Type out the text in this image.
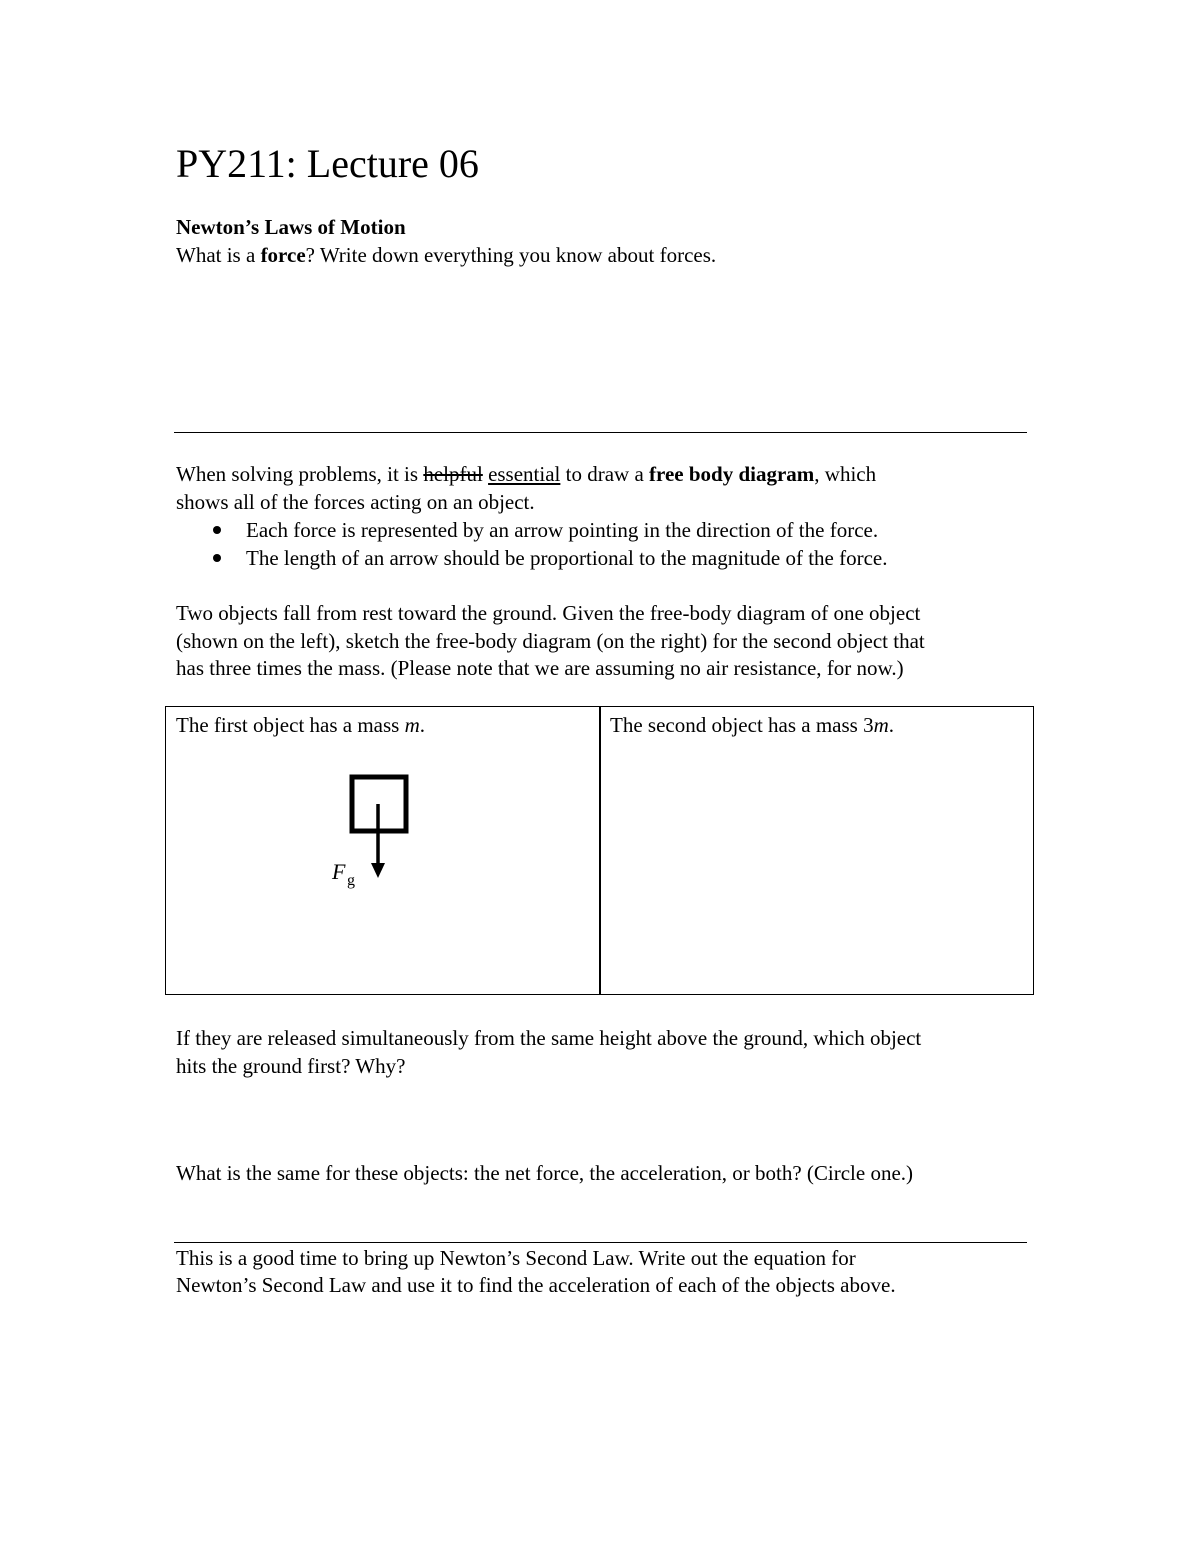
PY211: Lecture 06
Newton’s Laws of Motion
What is a force? Write down everything you know about forces.
When solving problems, it is helpful essential to draw a free body diagram, which
shows all of the forces acting on an object.
Each force is represented by an arrow pointing in the direction of the force.
The length of an arrow should be proportional to the magnitude of the force.
Two objects fall from rest toward the ground. Given the free-body diagram of one object
(shown on the left), sketch the free-body diagram (on the right) for the second object that
has three times the mass. (Please note that we are assuming no air resistance, for now.)
The first object has a mass m.	The second object has a mass 3m.
F g
If they are released simultaneously from the same height above the ground, which object
hits the ground first? Why?
What is the same for these objects: the net force, the acceleration, or both? (Circle one.)
This is a good time to bring up Newton’s Second Law. Write out the equation for
Newton’s Second Law and use it to find the acceleration of each of the objects above.
